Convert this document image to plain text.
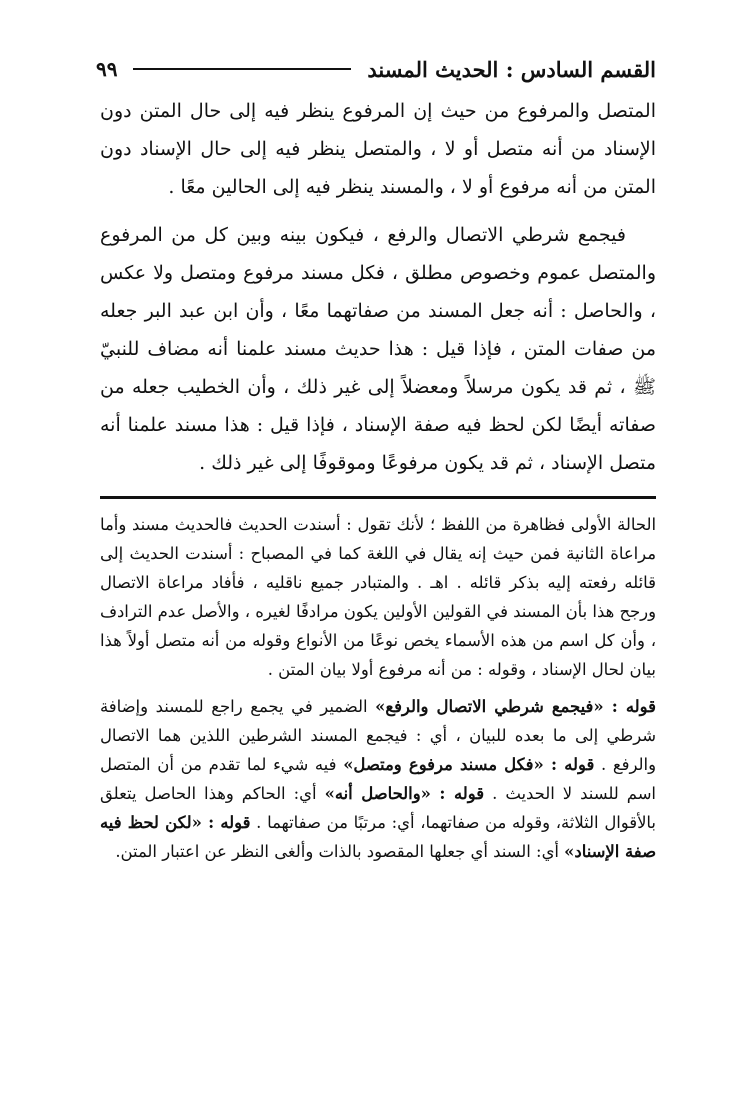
القسم السادس : الحديث المسند
٩٩

المتصل والمرفوع من حيث إن المرفوع ينظر فيه إلى حال المتن دون الإسناد من أنه متصل أو لا ، والمتصل ينظر فيه إلى حال الإسناد دون المتن من أنه مرفوع أو لا ، والمسند ينظر فيه إلى الحالين معًا .

فيجمع شرطي الاتصال والرفع ، فيكون بينه وبين كل من المرفوع والمتصل عموم وخصوص مطلق ، فكل مسند مرفوع ومتصل ولا عكس ، والحاصل : أنه جعل المسند من صفاتهما معًا ، وأن ابن عبد البر جعله من صفات المتن ، فإذا قيل : هذا حديث مسند علمنا أنه مضاف للنبيّ ﷺ ، ثم قد يكون مرسلاً ومعضلاً إلى غير ذلك ، وأن الخطيب جعله من صفاته أيضًا لكن لحظ فيه صفة الإسناد ، فإذا قيل : هذا مسند علمنا أنه متصل الإسناد ، ثم قد يكون مرفوعًا وموقوفًا إلى غير ذلك .

الحالة الأولى فظاهرة من اللفظ ؛ لأنك تقول : أسندت الحديث فالحديث مسند وأما مراعاة الثانية فمن حيث إنه يقال في اللغة كما في المصباح : أسندت الحديث إلى قائله رفعته إليه بذكر قائله . اهـ . والمتبادر جميع ناقليه ، فأفاد مراعاة الاتصال ورجح هذا بأن المسند في القولين الأولين يكون مرادفًا لغيره ، والأصل عدم الترادف ، وأن كل اسم من هذه الأسماء يخص نوعًا من الأنواع وقوله من أنه متصل أولاً هذا بيان لحال الإسناد ، وقوله : من أنه مرفوع أولا بيان المتن .

قوله : «فيجمع شرطي الاتصال والرفع» الضمير في يجمع راجع للمسند وإضافة شرطي إلى ما بعده للبيان ، أي : فيجمع المسند الشرطين اللذين هما الاتصال والرفع . قوله : «فكل مسند مرفوع ومتصل» فيه شيء لما تقدم من أن المتصل اسم للسند لا الحديث . قوله : «والحاصل أنه» أي: الحاكم وهذا الحاصل يتعلق بالأقوال الثلاثة، وقوله من صفاتهما، أي: مرتبًا من صفاتهما . قوله : «لكن لحظ فيه صفة الإسناد» أي: السند أي جعلها المقصود بالذات وألغى النظر عن اعتبار المتن.
